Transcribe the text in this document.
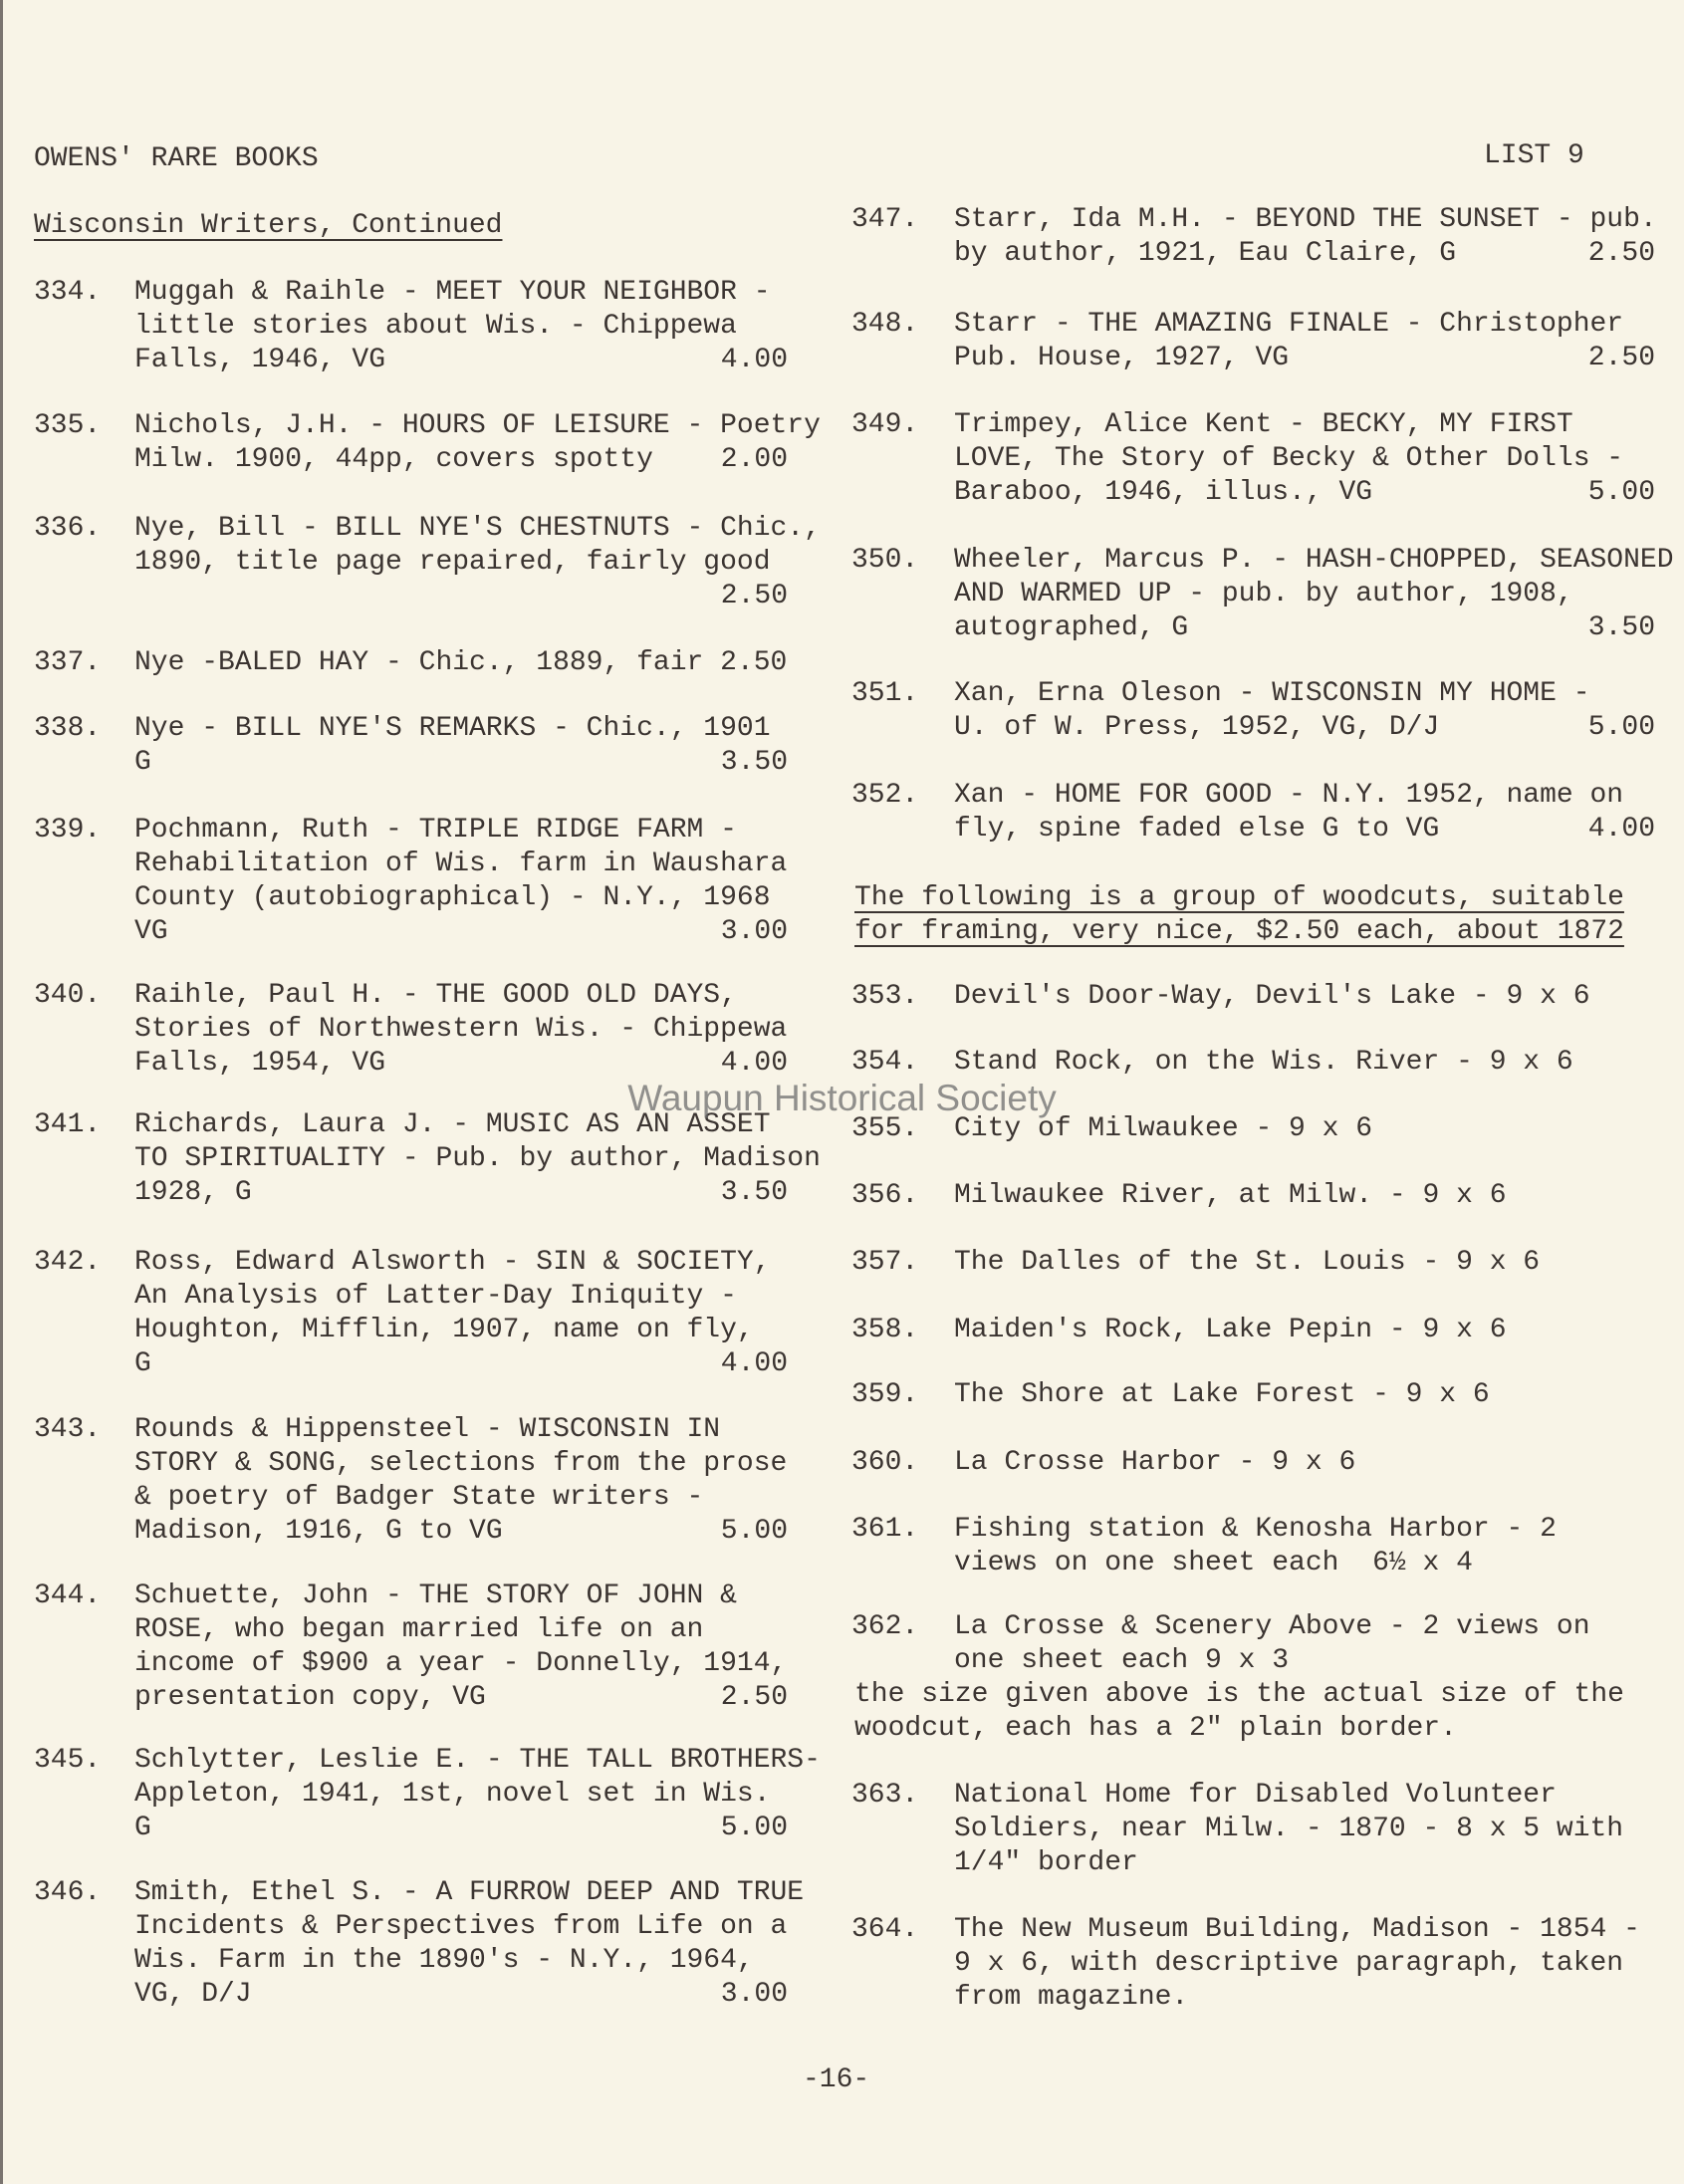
OWENS' RARE BOOKS	LIST 9
Wisconsin Writers, Continued
334. Muggah & Raihle - MEET YOUR NEIGHBOR -
little stories about Wis. - Chippewa
Falls, 1946, VG	4.00
335. Nichols, J.H. - HOURS OF LEISURE - Poetry
Milw. 1900, 44pp, covers spotty 2.00
336. Nye, Bill - BILL NYE'S CHESTNUTS - Chic.,
1890, title page repaired, fairly good
2.50
337. Nye -BALED HAY - Chic., 1889, fair 2.50
338. Nye - BILL NYE'S REMARKS - Chic., 1901
G	3.50
339. Pochmann, Ruth - TRIPLE RIDGE FARM -
Rehabilitation of Wis. farm in Waushara
County (autobiographical) - N.Y., 1968
VG	3.00
340. Raihle, Paul H. - THE GOOD OLD DAYS,
Stories of Northwestern Wis. - Chippewa
Falls, 1954, VG	4.00
341. Richards, Laura J. - MUSIC AS AN ASSET
TO SPIRITUALITY - Pub. by author, Madison
1928, G	3.50
342. Ross, Edward Alsworth - SIN & SOCIETY,
An Analysis of Latter-Day Iniquity -
Houghton, Mifflin, 1907, name on fly,
G	4.00
343. Rounds & Hippensteel - WISCONSIN IN
STORY & SONG, selections from the prose
& poetry of Badger State writers -
Madison, 1916, G to VG	5.00
344. Schuette, John - THE STORY OF JOHN &
ROSE, who began married life on an
income of $900 a year - Donnelly, 1914,
presentation copy, VG	2.50
345. Schlytter, Leslie E. - THE TALL BROTHERS-
Appleton, 1941, 1st, novel set in Wis.
G	5.00
346. Smith, Ethel S. - A FURROW DEEP AND TRUE
Incidents & Perspectives from Life on a
Wis. Farm in the 1890's - N.Y., 1964,
VG, D/J	3.00
347. Starr, Ida M.H. - BEYOND THE SUNSET - pub.
by author, 1921, Eau Claire, G	2.50
348. Starr - THE AMAZING FINALE - Christopher
Pub. House, 1927, VG	2.50
349. Trimpey, Alice Kent - BECKY, MY FIRST
LOVE, The Story of Becky & Other Dolls -
Baraboo, 1946, illus., VG	5.00
350. Wheeler, Marcus P. - HASH-CHOPPED, SEASONED
AND WARMED UP - pub. by author, 1908,
autographed, G	3.50
351. Xan, Erna Oleson - WISCONSIN MY HOME -
U. of W. Press, 1952, VG, D/J	5.00
352. Xan - HOME FOR GOOD - N.Y. 1952, name on
fly, spine faded else G to VG	4.00
The following is a group of woodcuts, suitable
for framing, very nice, $2.50 each, about 1872
353. Devil's Door-Way, Devil's Lake - 9 x 6
354. Stand Rock, on the Wis. River - 9 x 6
355. City of Milwaukee - 9 x 6
356. Milwaukee River, at Milw. - 9 x 6
357. The Dalles of the St. Louis - 9 x 6
358. Maiden's Rock, Lake Pepin - 9 x 6
359. The Shore at Lake Forest - 9 x 6
360. La Crosse Harbor - 9 x 6
361. Fishing station & Kenosha Harbor - 2
views on one sheet each  6½ x 4
362. La Crosse & Scenery Above - 2 views on
one sheet each 9 x 3
363. National Home for Disabled Volunteer
Soldiers, near Milw. - 1870 - 8 x 5 with
1/4" border
364. The New Museum Building, Madison - 1854 -
9 x 6, with descriptive paragraph, taken
from magazine.
the size given above is the actual size of the
woodcut, each has a 2" plain border.
-16-
Waupun Historical Society
